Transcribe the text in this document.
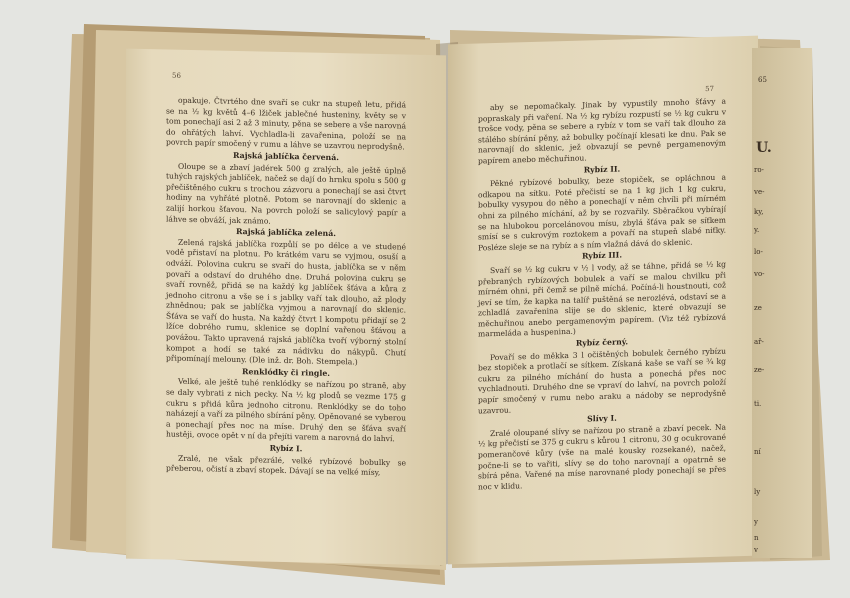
56

opakuje. Čtvrtého dne svaří se cukr na stupeň letu, přidá se na ½ kg květů 4–6 lžiček jablečné husteniny, květy se v tom ponechají asi 2 až 3 minuty, pěna se sebere a vše narovná do ohřátých lahví. Vychladla-li zavařenina, položí se na povrch papír smočený v rumu a láhve se uzavrou neprodyšně.

Rajská jablíčka červená.

Oloupe se a zbaví jadérek 500 g zralých, ale ještě úplně tuhých rajských jablíček, načež se dají do hrnku spolu s 500 g přečištěného cukru s trochou zázvoru a ponechají se asi čtvrt hodiny na vyhřáté plotně. Potom se narovnají do sklenic a zalijí horkou šťavou. Na povrch položí se salicylový papír a láhve se obváží, jak známo.

Rajská jablíčka zelená.

Zelená rajská jablíčka rozpůlí se po délce a ve studené vodě přistaví na plotnu. Po krátkém varu se vyjmou, osuší a odváží. Polovina cukru se svaří do husta, jablíčka se v něm povaří a odstaví do druhého dne. Druhá polovina cukru se svaří rovněž, přidá se na každý kg jablíček šťáva a kůra z jednoho citronu a vše se i s jablky vaří tak dlouho, až plody zhnědnou; pak se jablíčka vyjmou a narovnají do sklenic. Šťáva se vaří do husta. Na každý čtvrt l kompotu přidají se 2 lžíce dobrého rumu, sklenice se doplní vařenou šťávou a povážou. Takto upravená rajská jablíčka tvoří výborný stolní kompot a hodí se také za nádivku do nákypů. Chutí připomínají melouny. (Dle inž. dr. Boh. Stempela.)

Renklódky či ringle.

Velké, ale ještě tuhé renklódky se nařízou po straně, aby se daly vybrati z nich pecky. Na ½ kg plodů se vezme 175 g cukru s přidá kůra jednoho citronu. Renklódky se do toho naházejí a vaří za pilného sbírání pěny. Opěnované se vyberou a ponechají přes noc na míse. Druhý den se šťáva svaří hustěji, ovoce opět v ní da přejíti varem a narovná do lahví.

Rybíz I.

Zralé, ne však přezrálé, velké rybízové bobulky se přeberou, očistí a zbaví stopek. Dávají se na velké mísy,

57

aby se nepomačkaly. Jinak by vypustily mnoho šťávy a popraskaly při vaření. Na ½ kg rybízu rozpustí se ½ kg cukru v trošce vody, pěna se sebere a rybíz v tom se vaří tak dlouho za stálého sbírání pěny, až bobulky počínají klesati ke dnu. Pak se narovnají do sklenic, jež obvazují se pevně pergamenovým papírem anebo měchuřinou.

Rybíz II.

Pěkné rybízové bobulky, beze stopiček, se opláchnou a odkapou na sítku. Poté přečistí se na 1 kg jich 1 kg cukru, bobulky vysypou do něho a ponechají v něm chvíli při mírném ohni za pilného míchání, až by se rozvařily. Sběračkou vybírají se na hlubokou porcelánovou mísu, zbylá šťáva pak se síťkem smísí se s cukrovým roztokem a povaří na stupeň slabé niťky. Posléze sleje se na rybíz a s ním vlažná dává do sklenic.

Rybíz III.

Svaří se ½ kg cukru v ½ l vody, až se táhne, přidá se ½ kg přebraných rybízových bobulek a vaří se malou chvilku při mírném ohni, při čemž se pilně míchá. Počíná-li houstnouti, což jeví se tím, že kapka na talíř puštěná se nerozlévá, odstaví se a zchladlá zavařenina slije se do sklenic, které obvazují se měchuřinou anebo pergamenovým papírem. (Viz též rybízová marmeláda a huspenina.)

Rybíz černý.

Povaří se do měkka 3 l očištěných bobulek černého rybízu bez stopiček a protlačí se sítkem. Získaná kaše se vaří se ¾ kg cukru za pilného míchání do husta a ponechá přes noc vychladnouti. Druhého dne se vpraví do lahví, na povrch položí papír smočený v rumu nebo araku a nádoby se neprodyšně uzavrou.

Slívy I.

Zralé oloupané slívy se nařízou po straně a zbaví pecek. Na ½ kg přečistí se 375 g cukru s kůrou 1 citronu, 30 g ocukrované pomerančové kůry (vše na malé kousky rozsekané), načež, počne-li se to vařiti, slívy se do toho narovnají a opatrně se sbírá pěna. Vařené na míse narovnané plody ponechají se přes noc v klidu.

65
U.
ro-
ve-
ky,
y.
lo-
vo-
ze
ař-
ze-
ti.
ní
ly
y
n
v
